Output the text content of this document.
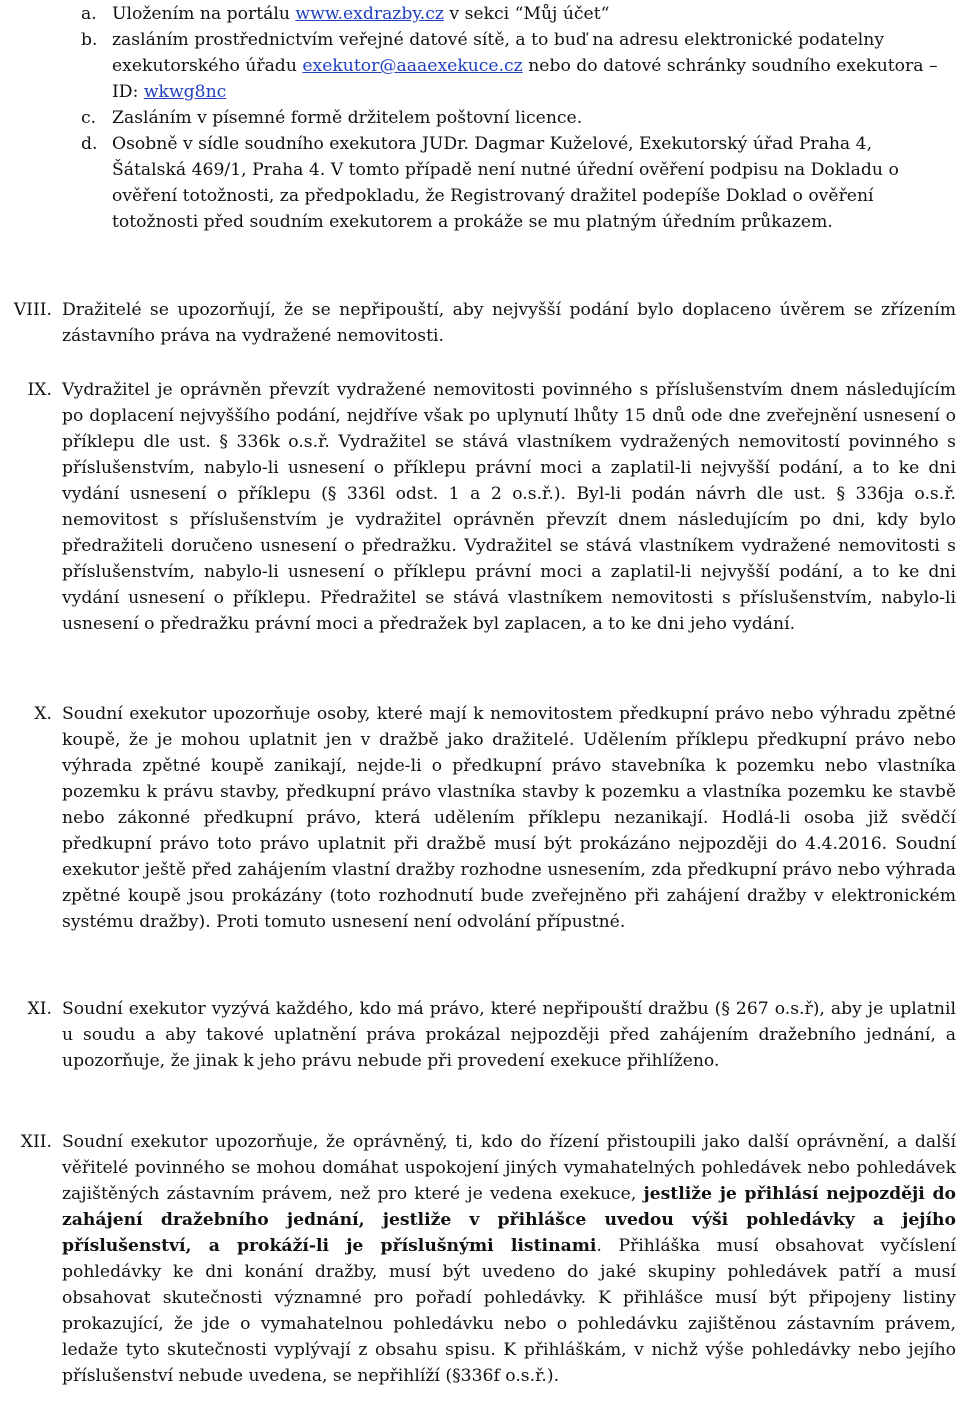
a. Uložením na portálu www.exdrazby.cz v sekci “Můj účet“

b. zasláním prostřednictvím veřejné datové sítě, a to buď na adresu elektronické podatelny exekutorského úřadu exekutor@aaaexekuce.cz nebo do datové schránky soudního exekutora – ID: wkwg8nc

c. Zasláním v písemné formě držitelem poštovní licence.

d. Osobně v sídle soudního exekutora JUDr. Dagmar Kuželové, Exekutorský úřad Praha 4, Šátalská 469/1, Praha 4. V tomto případě není nutné úřední ověření podpisu na Dokladu o ověření totožnosti, za předpokladu, že Registrovaný dražitel podepíše Doklad o ověření totožnosti před soudním exekutorem a prokáže se mu platným úředním průkazem.

VIII. Dražitelé se upozorňují, že se nepřipouští, aby nejvyšší podání bylo doplaceno úvěrem se zřízením zástavního práva na vydražené nemovitosti.

IX. Vydražitel je oprávněn převzít vydražené nemovitosti povinného s příslušenstvím dnem následujícím po doplacení nejvyššího podání, nejdříve však po uplynutí lhůty 15 dnů ode dne zveřejnění usnesení o příklepu dle ust. § 336k o.s.ř. Vydražitel se stává vlastníkem vydražených nemovitostí povinného s příslušenstvím, nabylo-li usnesení o příklepu právní moci a zaplatil-li nejvyšší podání, a to ke dni vydání usnesení o příklepu (§ 336l odst. 1 a 2 o.s.ř.). Byl-li podán návrh dle ust. § 336ja o.s.ř. nemovitost s příslušenstvím je vydražitel oprávněn převzít dnem následujícím po dni, kdy bylo předražiteli doručeno usnesení o předražku. Vydražitel se stává vlastníkem vydražené nemovitosti s příslušenstvím, nabylo-li usnesení o příklepu právní moci a zaplatil-li nejvyšší podání, a to ke dni vydání usnesení o příklepu. Předražitel se stává vlastníkem nemovitosti s příslušenstvím, nabylo-li usnesení o předražku právní moci a předražek byl zaplacen, a to ke dni jeho vydání.

X. Soudní exekutor upozorňuje osoby, které mají k nemovitostem předkupní právo nebo výhradu zpětné koupě, že je mohou uplatnit jen v dražbě jako dražitelé. Udělením příklepu předkupní právo nebo výhrada zpětné koupě zanikají, nejde-li o předkupní právo stavebníka k pozemku nebo vlastníka pozemku k právu stavby, předkupní právo vlastníka stavby k pozemku a vlastníka pozemku ke stavbě nebo zákonné předkupní právo, která udělením příklepu nezanikají. Hodlá-li osoba již svědčí předkupní právo toto právo uplatnit při dražbě musí být prokázáno nejpozději do 4.4.2016. Soudní exekutor ještě před zahájením vlastní dražby rozhodne usnesením, zda předkupní právo nebo výhrada zpětné koupě jsou prokázány (toto rozhodnutí bude zveřejněno při zahájení dražby v elektronickém systému dražby). Proti tomuto usnesení není odvolání přípustné.

XI. Soudní exekutor vyzývá každého, kdo má právo, které nepřipouští dražbu (§ 267 o.s.ř), aby je uplatnil u soudu a aby takové uplatnění práva prokázal nejpozději před zahájením dražebního jednání, a upozorňuje, že jinak k jeho právu nebude při provedení exekuce přihlíženo.

XII. Soudní exekutor upozorňuje, že oprávněný, ti, kdo do řízení přistoupili jako další oprávnění, a další věřitelé povinného se mohou domáhat uspokojení jiných vymahatelných pohledávek nebo pohledávek zajištěných zástavním právem, než pro které je vedena exekuce, jestliže je přihlásí nejpozději do zahájení dražebního jednání, jestliže v přihlášce uvedou výši pohledávky a jejího příslušenství, a prokáží-li je příslušnými listinami. Přihláška musí obsahovat vyčíslení pohledávky ke dni konání dražby, musí být uvedeno do jaké skupiny pohledávek patří a musí obsahovat skutečnosti významné pro pořadí pohledávky. K přihlášce musí být připojeny listiny prokazující, že jde o vymahatelnou pohledávku nebo o pohledávku zajištěnou zástavním právem, ledaže tyto skutečnosti vyplývají z obsahu spisu. K přihláškám, v nichž výše pohledávky nebo jejího příslušenství nebude uvedena, se nepřihlíží (§336f o.s.ř.).
